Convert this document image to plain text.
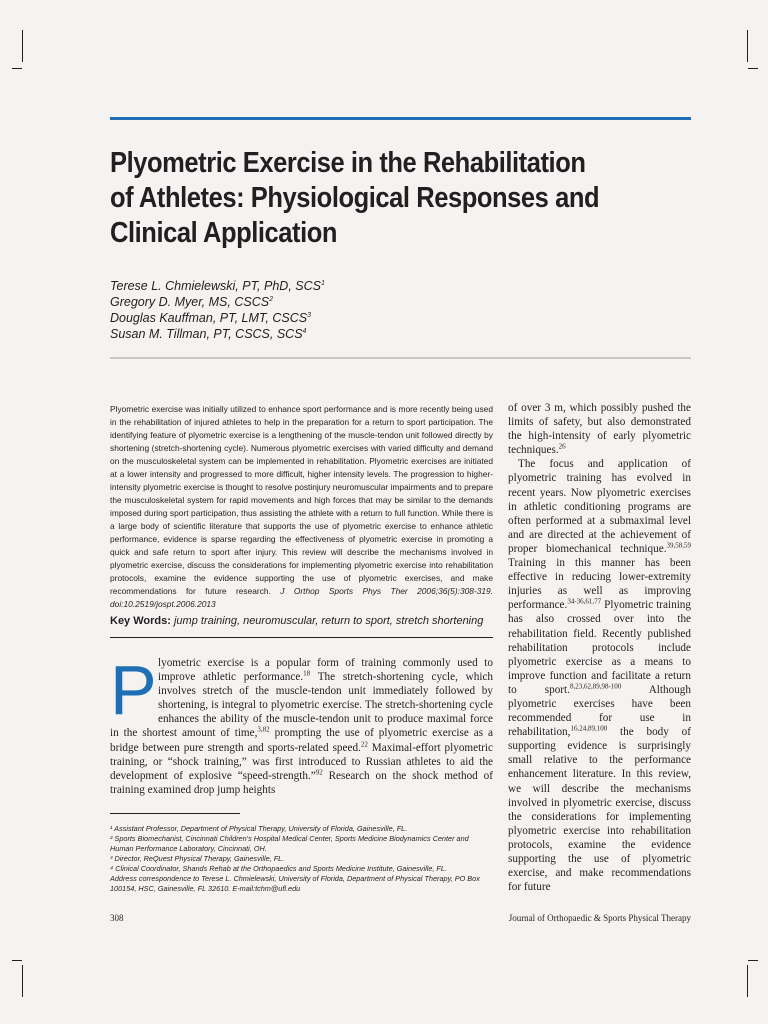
Plyometric Exercise in the Rehabilitation
of Athletes: Physiological Responses and
Clinical Application
Terese L. Chmielewski, PT, PhD, SCS$^1$
Gregory D. Myer, MS, CSCS$^2$
Douglas Kauffman, PT, LMT, CSCS$^3$
Susan M. Tillman, PT, CSCS, SCS$^4$
Plyometric exercise was initially utilized to enhance sport performance and is more recently being used in the rehabilitation of injured athletes to help in the preparation for a return to sport participation. The identifying feature of plyometric exercise is a lengthening of the muscle-tendon unit followed directly by shortening (stretch-shortening cycle). Numerous plyometric exercises with varied difficulty and demand on the musculoskeletal system can be implemented in rehabilitation. Plyometric exercises are initiated at a lower intensity and progressed to more difficult, higher intensity levels. The progression to higher-intensity plyometric exercise is thought to resolve postinjury neuromuscular impairments and to prepare the musculoskeletal system for rapid movements and high forces that may be similar to the demands imposed during sport participation, thus assisting the athlete with a return to full function. While there is a large body of scientific literature that supports the use of plyometric exercise to enhance athletic performance, evidence is sparse regarding the effectiveness of plyometric exercise in promoting a quick and safe return to sport after injury. This review will describe the mechanisms involved in plyometric exercise, discuss the considerations for implementing plyometric exercise into rehabilitation protocols, examine the evidence supporting the use of plyometric exercises, and make recommendations for future research. J Orthop Sports Phys Ther 2006;36(5):308-319. doi:10.2519/jospt.2006.2013
Key Words: jump training, neuromuscular, return to sport, stretch shortening
Plyometric exercise is a popular form of training commonly used to improve athletic performance.$^{18}$ The stretch-shortening cycle, which involves stretch of the muscle-tendon unit immediately followed by shortening, is integral to plyometric exercise. The stretch-shortening cycle enhances the ability of the muscle-tendon unit to produce maximal force in the shortest amount of time,$^{3,82}$ prompting the use of plyometric exercise as a bridge between pure strength and sports-related speed.$^{22}$ Maximal-effort plyometric training, or “shock training,” was first introduced to Russian athletes to aid the development of explosive “speed-strength.”$^{92}$ Research on the shock method of training examined drop jump heights
¹ Assistant Professor, Department of Physical Therapy, University of Florida, Gainesville, FL.
² Sports Biomechanist, Cincinnati Children's Hospital Medical Center, Sports Medicine Biodynamics Center and Human Performance Laboratory, Cincinnati, OH.
³ Director, ReQuest Physical Therapy, Gainesville, FL.
⁴ Clinical Coordinator, Shands Rehab at the Orthopaedics and Sports Medicine Institute, Gainesville, FL.
Address correspondence to Terese L. Chmielewski, University of Florida, Department of Physical Therapy, PO Box 100154, HSC, Gainesville, FL 32610. E-mail:tchm@ufl.edu

of over 3 m, which possibly pushed the limits of safety, but also demonstrated the high-intensity of early plyometric techniques.$^{26}$

The focus and application of plyometric training has evolved in recent years. Now plyometric exercises in athletic conditioning programs are often performed at a submaximal level and are directed at the achievement of proper biomechanical technique.$^{39,58,59}$ Training in this manner has been effective in reducing lower-extremity injuries as well as improving performance.$^{34-36,61,77}$ Plyometric training has also crossed over into the rehabilitation field. Recently published rehabilitation protocols include plyometric exercise as a means to improve function and facilitate a return to sport.$^{8,23,62,89,98-100}$ Although plyometric exercises have been recommended for use in rehabilitation,$^{16,24,89,100}$ the body of supporting evidence is surprisingly small relative to the performance enhancement literature. In this review, we will describe the mechanisms involved in plyometric exercise, discuss the considerations for implementing plyometric exercise into rehabilitation protocols, examine the evidence supporting the use of plyometric exercise, and make recommendations for future

308	Journal of Orthopaedic & Sports Physical Therapy
